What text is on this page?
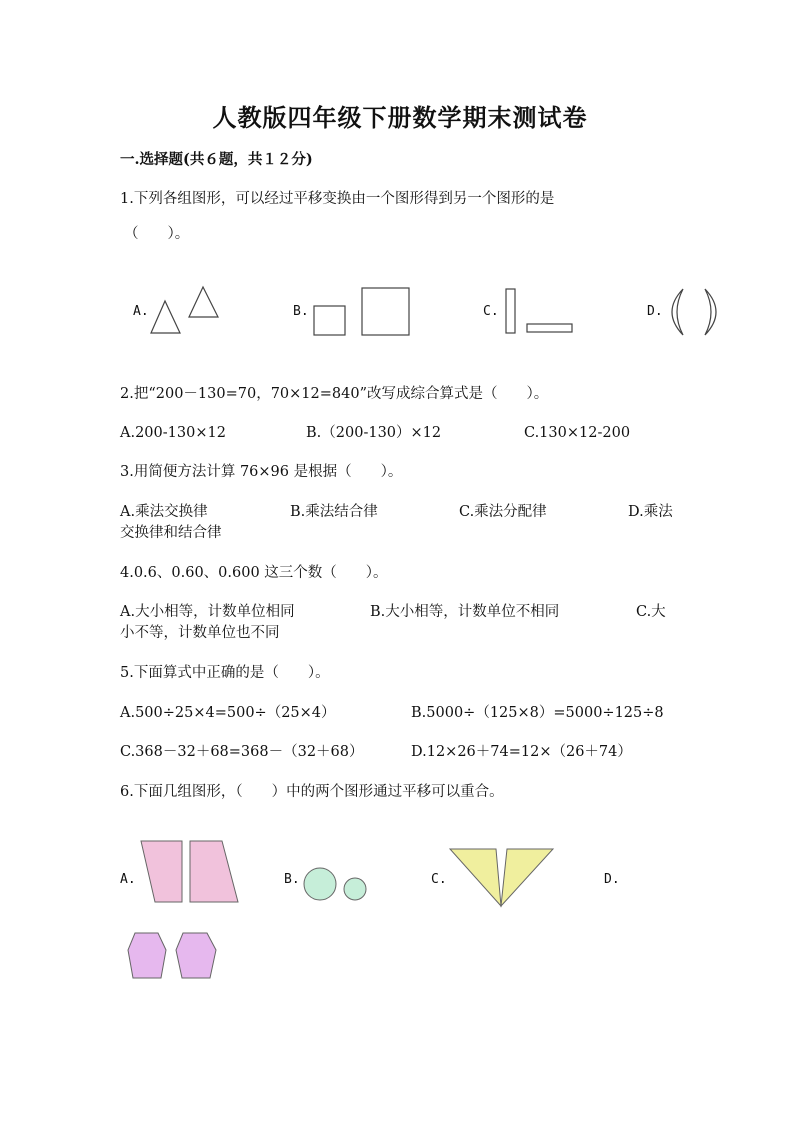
人教版四年级下册数学期末测试卷
一.选择题(共６题，共１２分)
1.下列各组图形，可以经过平移变换由一个图形得到另一个图形的是
（　　）。
A.	B.	C.	D.
2.把“200－130=70，70×12=840”改写成综合算式是（　　）。
A.200-130×12	B.（200-130）×12	C.130×12-200
3.用简便方法计算 76×96 是根据（　　）。
A.乘法交换律	B.乘法结合律	C.乘法分配律	D.乘法
交换律和结合律
4.0.6、0.60、0.600 这三个数（　　）。
A.大小相等，计数单位相同	B.大小相等，计数单位不相同	C.大
小不等，计数单位也不同
5.下面算式中正确的是（　　）。
A.500÷25×4=500÷（25×4）	B.5000÷（125×8）=5000÷125÷8
C.368－32＋68=368－（32＋68）	D.12×26＋74=12×（26＋74）
6.下面几组图形，（　　）中的两个图形通过平移可以重合。
A.	B.	C.	D.
